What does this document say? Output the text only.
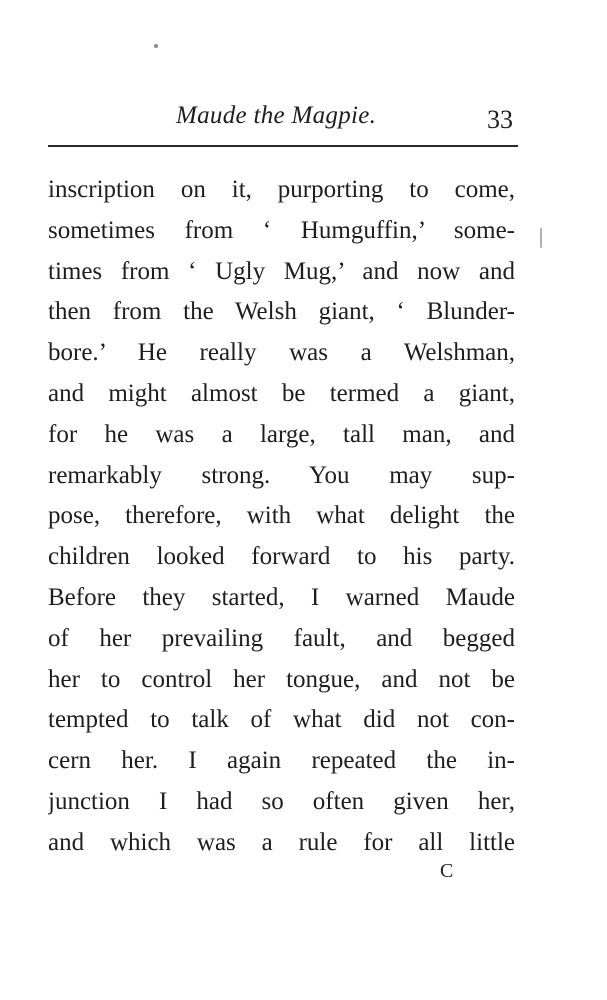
Maude the Magpie.	33
inscription on it, purporting to come,
sometimes from ‘ Humguffin,’ some-
times from ‘ Ugly Mug,’ and now and
then from the Welsh giant, ‘ Blunder-
bore.’ He really was a Welshman,
and might almost be termed a giant,
for he was a large, tall man, and
remarkably strong. You may sup-
pose, therefore, with what delight the
children looked forward to his party.
Before they started, I warned Maude
of her prevailing fault, and begged
her to control her tongue, and not be
tempted to talk of what did not con-
cern her. I again repeated the in-
junction I had so often given her,
and which was a rule for all little
C
